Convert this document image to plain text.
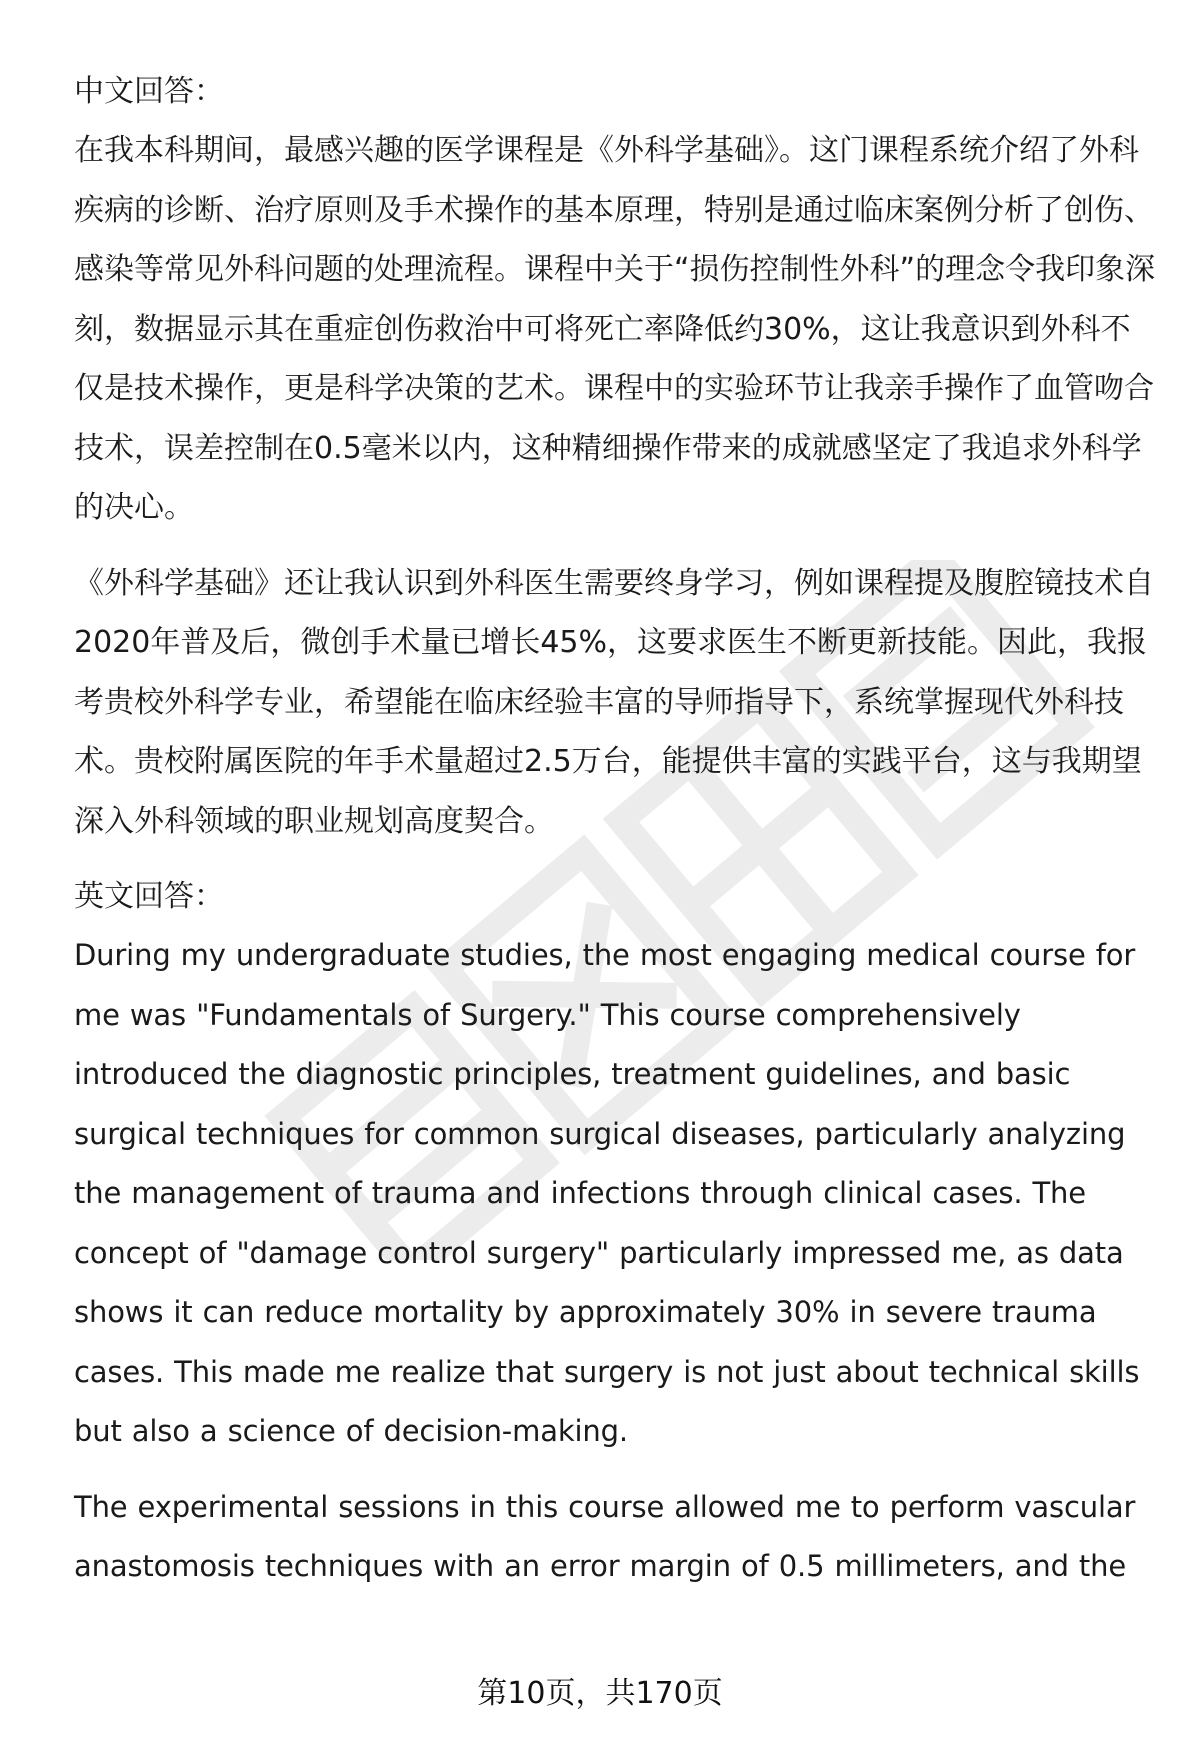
中文回答：

在我本科期间，最感兴趣的医学课程是《外科学基础》。这门课程系统介绍了外科疾病的诊断、治疗原则及手术操作的基本原理，特别是通过临床案例分析了创伤、感染等常见外科问题的处理流程。课程中关于“损伤控制性外科”的理念令我印象深刻，数据显示其在重症创伤救治中可将死亡率降低约30%，这让我意识到外科不仅是技术操作，更是科学决策的艺术。课程中的实验环节让我亲手操作了血管吻合技术，误差控制在0.5毫米以内，这种精细操作带来的成就感坚定了我追求外科学的决心。

《外科学基础》还让我认识到外科医生需要终身学习，例如课程提及腹腔镜技术自2020年普及后，微创手术量已增长45%，这要求医生不断更新技能。因此，我报考贵校外科学专业，希望能在临床经验丰富的导师指导下，系统掌握现代外科技术。贵校附属医院的年手术量超过2.5万台，能提供丰富的实践平台，这与我期望深入外科领域的职业规划高度契合。

英文回答：

During my undergraduate studies, the most engaging medical course for me was "Fundamentals of Surgery." This course comprehensively introduced the diagnostic principles, treatment guidelines, and basic surgical techniques for common surgical diseases, particularly analyzing the management of trauma and infections through clinical cases. The concept of "damage control surgery" particularly impressed me, as data shows it can reduce mortality by approximately 30% in severe trauma cases. This made me realize that surgery is not just about technical skills but also a science of decision-making.

The experimental sessions in this course allowed me to perform vascular anastomosis techniques with an error margin of 0.5 millimeters, and the

第10页，共170页
